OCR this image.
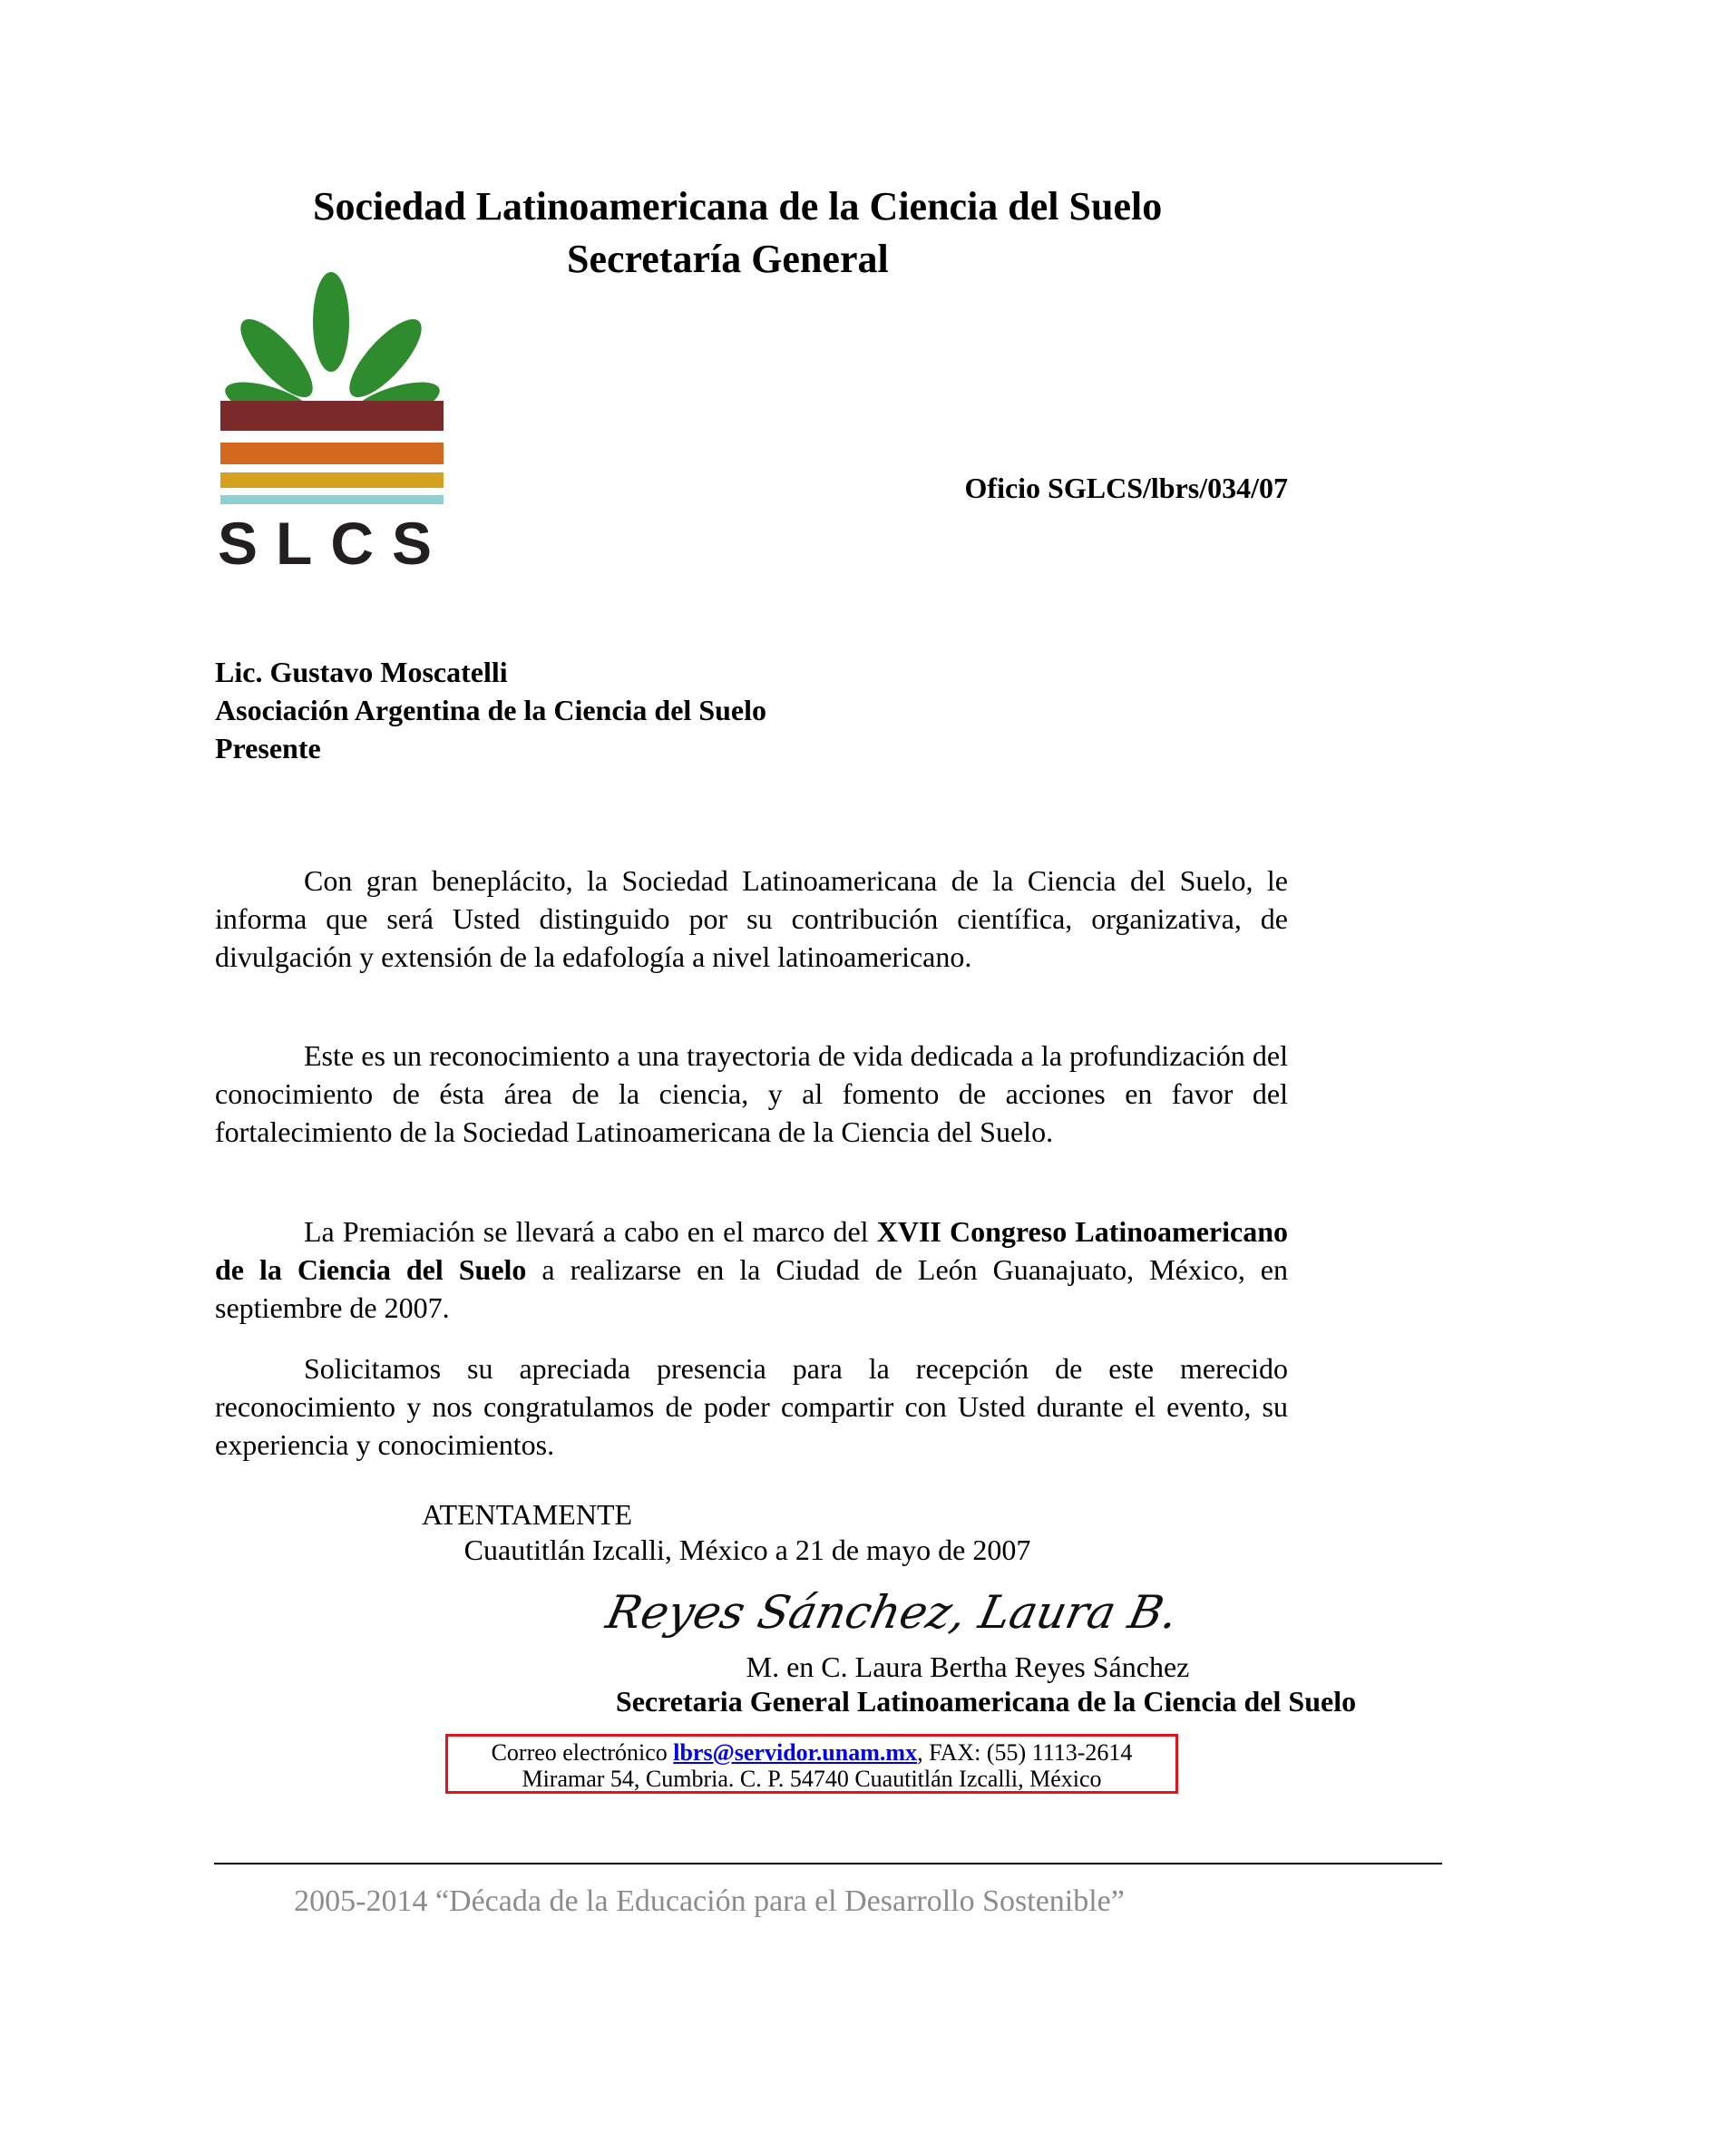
Sociedad Latinoamericana de la Ciencia del Suelo
Secretaría General
SLCS
Oficio SGLCS/lbrs/034/07
Lic. Gustavo Moscatelli
Asociación Argentina de la Ciencia del Suelo
Presente

Con gran beneplácito, la Sociedad Latinoamericana de la Ciencia del Suelo, le informa que será Usted distinguido por su contribución científica, organizativa, de divulgación y extensión de la edafología a nivel latinoamericano.

Este es un reconocimiento a una trayectoria de vida dedicada a la profundización del conocimiento de ésta área de la ciencia, y al fomento de acciones en favor del fortalecimiento de la Sociedad Latinoamericana de la Ciencia del Suelo.

La Premiación se llevará a cabo en el marco del XVII Congreso Latinoamericano de la Ciencia del Suelo a realizarse en la Ciudad de León Guanajuato, México, en septiembre de 2007.

Solicitamos su apreciada presencia para la recepción de este merecido reconocimiento y nos congratulamos de poder compartir con Usted durante el evento, su experiencia y conocimientos.

ATENTAMENTE
Cuautitlán Izcalli, México a 21 de mayo de 2007
Reyes Sánchez, Laura B.
M. en C. Laura Bertha Reyes Sánchez
Secretaria General Latinoamericana de la Ciencia del Suelo
Correo electrónico lbrs@servidor.unam.mx, FAX: (55) 1113-2614
Miramar 54, Cumbria. C. P. 54740 Cuautitlán Izcalli, México
2005-2014 “Década de la Educación para el Desarrollo Sostenible”
